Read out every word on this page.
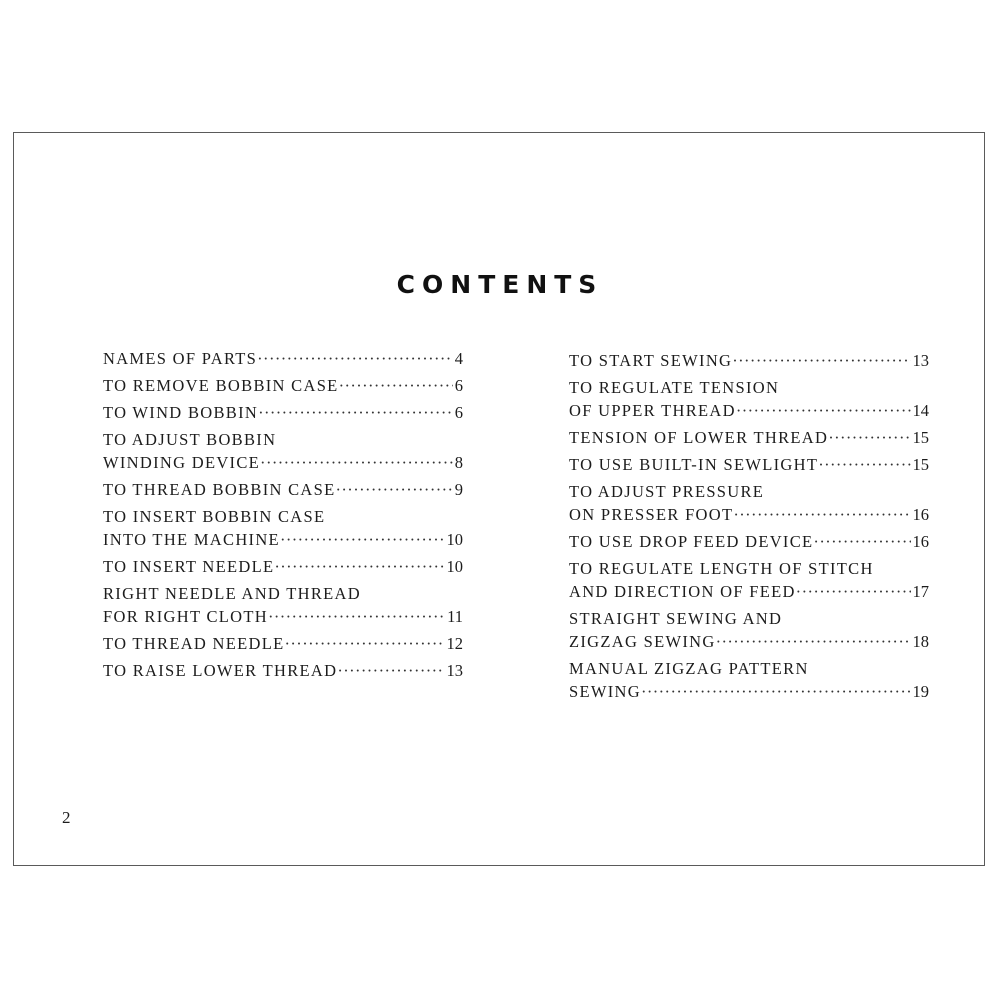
CONTENTS
NAMES OF PARTS ·····	4
TO REMOVE BOBBIN CASE ·····	6
TO WIND BOBBIN ·····	6
TO ADJUST BOBBIN
WINDING DEVICE ·····	8
TO THREAD BOBBIN CASE ·····	9
TO INSERT BOBBIN CASE
INTO THE MACHINE ·····	10
TO INSERT NEEDLE ·····	10
RIGHT NEEDLE AND THREAD
FOR RIGHT CLOTH ·····	11
TO THREAD NEEDLE ·····	12
TO RAISE LOWER THREAD ·····	13
TO START SEWING ·····	13
TO REGULATE TENSION
OF UPPER THREAD ·····	14
TENSION OF LOWER THREAD ·····	15
TO USE BUILT-IN SEWLIGHT ·····	15
TO ADJUST PRESSURE
ON PRESSER FOOT ·····	16
TO USE DROP FEED DEVICE ·····	16
TO REGULATE LENGTH OF STITCH
AND DIRECTION OF FEED ·····	17
STRAIGHT SEWING AND
ZIGZAG SEWING ·····	18
MANUAL ZIGZAG PATTERN
SEWING ·····	19
2
